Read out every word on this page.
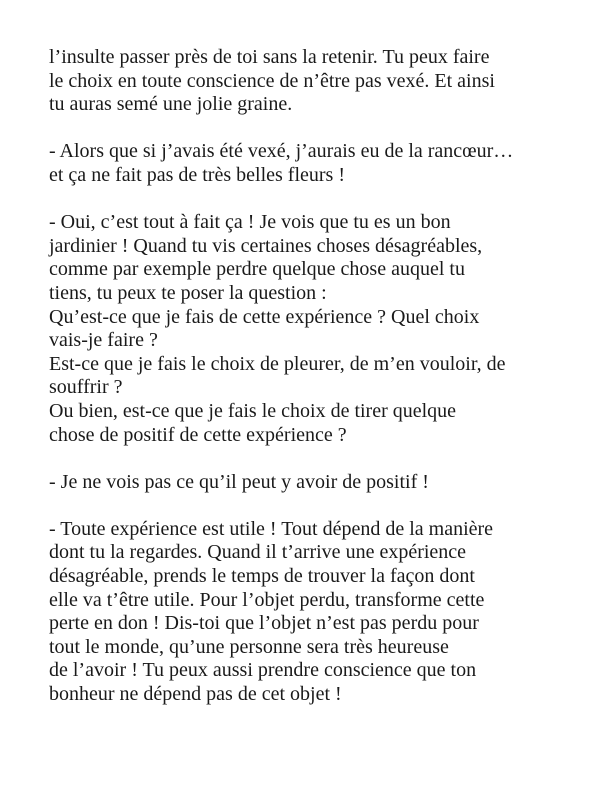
l’insulte passer près de toi sans la retenir. Tu peux faire
le choix en toute conscience de n’être pas vexé. Et ainsi
tu auras semé une jolie graine.

- Alors que si j’avais été vexé, j’aurais eu de la rancœur…
et ça ne fait pas de très belles fleurs !

- Oui, c’est tout à fait ça ! Je vois que tu es un bon
jardinier ! Quand tu vis certaines choses désagréables,
comme par exemple perdre quelque chose auquel tu
tiens, tu peux te poser la question :
Qu’est-ce que je fais de cette expérience ? Quel choix
vais-je faire ?
Est-ce que je fais le choix de pleurer, de m’en vouloir, de
souffrir ?
Ou bien, est-ce que je fais le choix de tirer quelque
chose de positif de cette expérience ?

- Je ne vois pas ce qu’il peut y avoir de positif !

- Toute expérience est utile ! Tout dépend de la manière
dont tu la regardes. Quand il t’arrive une expérience
désagréable, prends le temps de trouver la façon dont
elle va t’être utile. Pour l’objet perdu, transforme cette
perte en don ! Dis-toi que l’objet n’est pas perdu pour
tout le monde, qu’une personne sera très heureuse
de l’avoir ! Tu peux aussi prendre conscience que ton
bonheur ne dépend pas de cet objet !
